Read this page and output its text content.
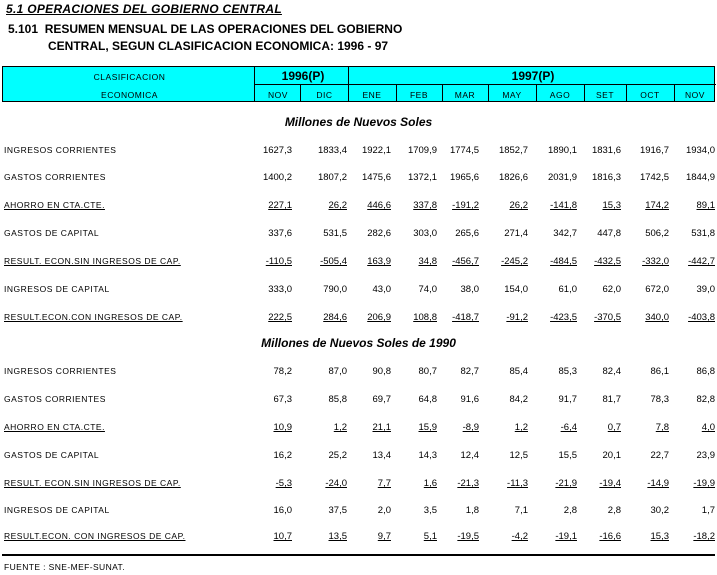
5.1 OPERACIONES DEL GOBIERNO CENTRAL
5.101  RESUMEN MENSUAL DE LAS OPERACIONES DEL GOBIERNO
CENTRAL, SEGUN CLASIFICACION ECONOMICA: 1996 - 97
CLASIFICACION
ECONOMICA
1996(P)	1997(P)
NOV	DIC	ENE	FEB	MAR	MAY	AGO	SET	OCT	NOV
Millones de Nuevos Soles
INGRESOS CORRIENTES	1627,3	1833,4 1922,1 1709,9 1774,5 1852,7 1890,1 1831,6 1916,7 1934,0
GASTOS CORRIENTES	1400,2	1807,2 1475,6 1372,1 1965,6 1826,6 2031,9 1816,3 1742,5 1844,9
AHORRO EN CTA.CTE.	227,1	26,2 446,6 337,8 -191,2	26,2 -141,8	15,3	174,2	89,1
GASTOS DE CAPITAL	337,6	531,5 282,6 303,0 265,6	271,4	342,7 447,8	506,2 531,8
RESULT. ECON.SIN INGRESOS DE CAP.	-110,5	-505,4 163,9	34,8 -456,7 -245,2 -484,5 -432,5 -332,0 -442,7
INGRESOS DE CAPITAL	333,0	790,0	43,0	74,0 38,0	154,0	61,0	62,0	672,0	39,0
RESULT.ECON.CON INGRESOS DE CAP.	222,5	284,6 206,9 108,8 -418,7	-91,2 -423,5 -370,5	340,0 -403,8
Millones de Nuevos Soles de 1990
INGRESOS CORRIENTES	78,2	87,0	90,8	80,7 82,7	85,4	85,3	82,4	86,1	86,8
GASTOS CORRIENTES	67,3	85,8	69,7	64,8 91,6	84,2	91,7	81,7	78,3	82,8
AHORRO EN CTA.CTE.	10,9	1,2	21,1	15,9	-8,9	1,2	-6,4	0,7	7,8	4,0
GASTOS DE CAPITAL	16,2	25,2	13,4	14,3 12,4	12,5	15,5	20,1	22,7	23,9
RESULT. ECON.SIN INGRESOS DE CAP.	-5,3	-24,0	7,7	1,6 -21,3	-11,3	-21,9 -19,4	-14,9	-19,9
INGRESOS DE CAPITAL	16,0	37,5	2,0	3,5	1,8	7,1	2,8	2,8	30,2	1,7
RESULT.ECON. CON INGRESOS DE CAP.	10,7	13,5	9,7	5,1 -19,5	-4,2	-19,1 -16,6	15,3	-18,2
FUENTE : SNE-MEF-SUNAT.
